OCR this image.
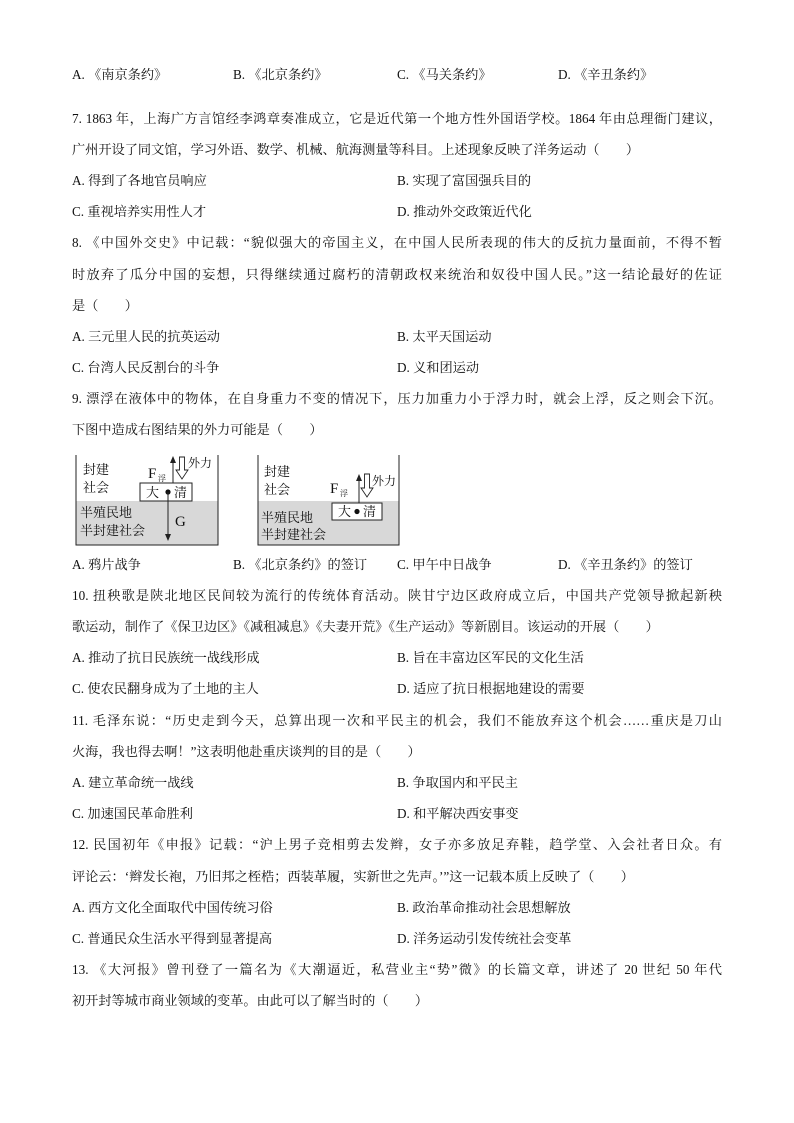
A. 《南京条约》	B. 《北京条约》	C. 《马关条约》	D. 《辛丑条约》
7. 1863 年，上海广方言馆经李鸿章奏准成立，它是近代第一个地方性外国语学校。1864 年由总理衙门建议，
广州开设了同文馆，学习外语、数学、机械、航海测量等科目。上述现象反映了洋务运动（　　）
A. 得到了各地官员响应	B. 实现了富国强兵目的
C. 重视培养实用性人才	D. 推动外交政策近代化
8. 《中国外交史》中记载：“貌似强大的帝国主义，在中国人民所表现的伟大的反抗力量面前，不得不暂
时放弃了瓜分中国的妄想，只得继续通过腐朽的清朝政权来统治和奴役中国人民。”这一结论最好的佐证
是（　　）
A. 三元里人民的抗英运动	B. 太平天国运动
C. 台湾人民反割台的斗争	D. 义和团运动
9. 漂浮在液体中的物体，在自身重力不变的情况下，压力加重力小于浮力时，就会上浮，反之则会下沉。
下图中造成右图结果的外力可能是（　　）
封建
社会
半殖民地
半封建社会
F 浮
外力
大 清
G
封建
社会
半殖民地
半封建社会
F 浮
外力
大 清
A. 鸦片战争	B. 《北京条约》的签订 C. 甲午中日战争	D. 《辛丑条约》的签订
10. 扭秧歌是陕北地区民间较为流行的传统体育活动。陕甘宁边区政府成立后，中国共产党领导掀起新秧
歌运动，制作了《保卫边区》《减租减息》《夫妻开荒》《生产运动》等新剧目。该运动的开展（　　）
A. 推动了抗日民族统一战线形成	B. 旨在丰富边区军民的文化生活
C. 使农民翻身成为了土地的主人	D. 适应了抗日根据地建设的需要
11. 毛泽东说：“历史走到今天，总算出现一次和平民主的机会，我们不能放弃这个机会……重庆是刀山
火海，我也得去啊！”这表明他赴重庆谈判的目的是（　　）
A. 建立革命统一战线	B. 争取国内和平民主
C. 加速国民革命胜利	D. 和平解决西安事变
12. 民国初年《申报》记载：“沪上男子竞相剪去发辫，女子亦多放足弃鞋，趋学堂、入会社者日众。有
评论云：‘辫发长袍，乃旧邦之桎梏；西装革履，实新世之先声。’”这一记载本质上反映了（　　）
A. 西方文化全面取代中国传统习俗	B. 政治革命推动社会思想解放
C. 普通民众生活水平得到显著提高	D. 洋务运动引发传统社会变革
13. 《大河报》曾刊登了一篇名为《大潮逼近，私营业主“势”微》的长篇文章，讲述了 20 世纪 50 年代
初开封等城市商业领域的变革。由此可以了解当时的（　　）
